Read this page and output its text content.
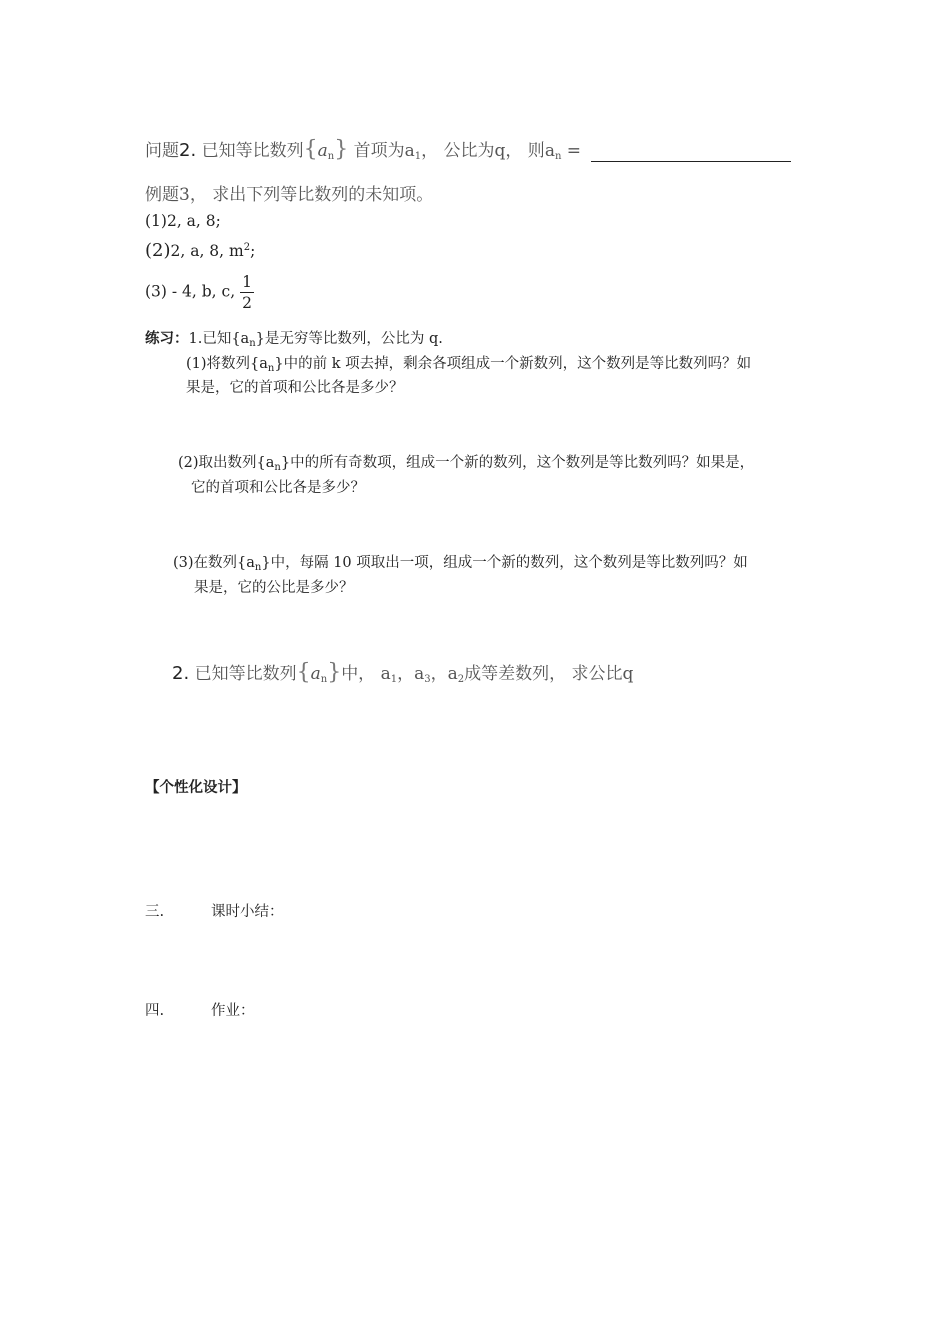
问题2. 已知等比数列$\{a_n\}$ 首项为$a_1$， 公比为q， 则$a_n$ =
例题3， 求出下列等比数列的未知项。
(1)2, a, 8;
(2)2, a, 8, $m^2$;
(3) ‐ 4, b, c, $\frac{1}{2}$
练习：1.已知$\{a_n\}$是无穷等比数列，公比为 q.
(1)将数列$\{a_n\}$中的前 k 项去掉，剩余各项组成一个新数列，这个数列是等比数列吗？如
果是，它的首项和公比各是多少？
(2)取出数列$\{a_n\}$中的所有奇数项，组成一个新的数列，这个数列是等比数列吗？如果是，
它的首项和公比各是多少？
(3)在数列$\{a_n\}$中，每隔 10 项取出一项，组成一个新的数列，这个数列是等比数列吗？如
果是，它的公比是多少？
2. 已知等比数列$\{a_n\}$中， $a_1$，$a_3$，$a_2$成等差数列， 求公比q
【个性化设计】
三.	课时小结：
四.	作业：
